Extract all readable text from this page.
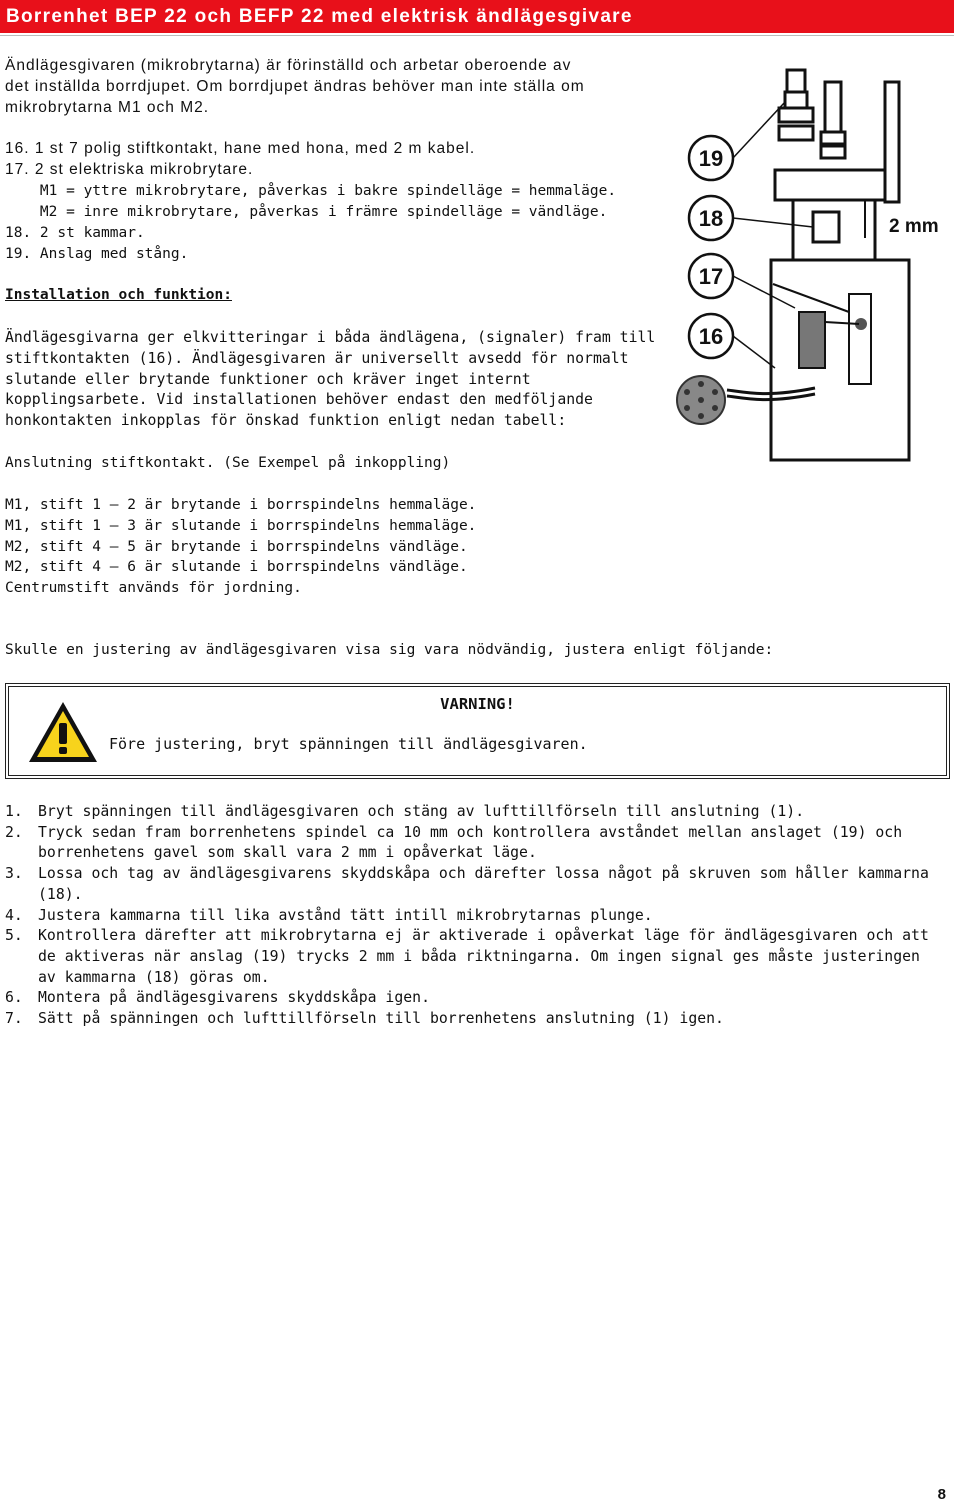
Borrenhet BEP 22 och BEFP 22 med elektrisk ändlägesgivare
Ändlägesgivaren (mikrobrytarna) är förinställd och arbetar oberoende av
det inställda borrdjupet. Om borrdjupet ändras behöver man inte ställa om
mikrobrytarna M1 och M2.
16. 1 st 7 polig stiftkontakt, hane med hona, med 2 m kabel.
17. 2 st elektriska mikrobrytare.
M1 = yttre mikrobrytare, påverkas i bakre spindelläge = hemmaläge.
M2 = inre mikrobrytare, påverkas i främre spindelläge = vändläge.
18. 2 st kammar.
19. Anslag med stång.
Installation och funktion:
Ändlägesgivarna ger elkvitteringar i båda ändlägena, (signaler) fram till stiftkontakten (16). Ändlägesgivaren är universellt avsedd för normalt slutande eller brytande funktioner och kräver inget internt kopplingsarbete. Vid installationen behöver endast den medföljande honkontakten inkopplas för önskad funktion enligt nedan tabell:
Anslutning stiftkontakt. (Se Exempel på inkoppling)
M1, stift 1 — 2 är brytande i borrspindelns hemmaläge.
M1, stift 1 — 3 är slutande i borrspindelns hemmaläge.
M2, stift 4 — 5 är brytande i borrspindelns vändläge.
M2, stift 4 — 6 är slutande i borrspindelns vändläge.
Centrumstift används för jordning.
Skulle en justering av ändlägesgivaren visa sig vara nödvändig, justera enligt följande:
VARNING!
Före justering, bryt spänningen till ändlägesgivaren.
1.	Bryt spänningen till ändlägesgivaren och stäng av lufttillförseln till anslutning (1).
2.	Tryck sedan fram borrenhetens spindel ca 10 mm och kontrollera avståndet mellan anslaget (19) och borrenhetens gavel som skall vara 2 mm i opåverkat läge.
3.	Lossa och tag av ändlägesgivarens skyddskåpa och därefter lossa något på skruven som håller kammarna (18).
4.	Justera kammarna till lika avstånd tätt intill mikrobrytarnas plunge.
5.	Kontrollera därefter att mikrobrytarna ej är aktiverade i opåverkat läge för ändlägesgivaren och att de aktiveras när anslag (19) trycks 2 mm i båda riktningarna. Om ingen signal ges måste justeringen av kammarna (18) göras om.
6.	Montera på ändlägesgivarens skyddskåpa igen.
7.	Sätt på spänningen och lufttillförseln till borrenhetens anslutning (1) igen.
2 mm
19
18
17
16
8
